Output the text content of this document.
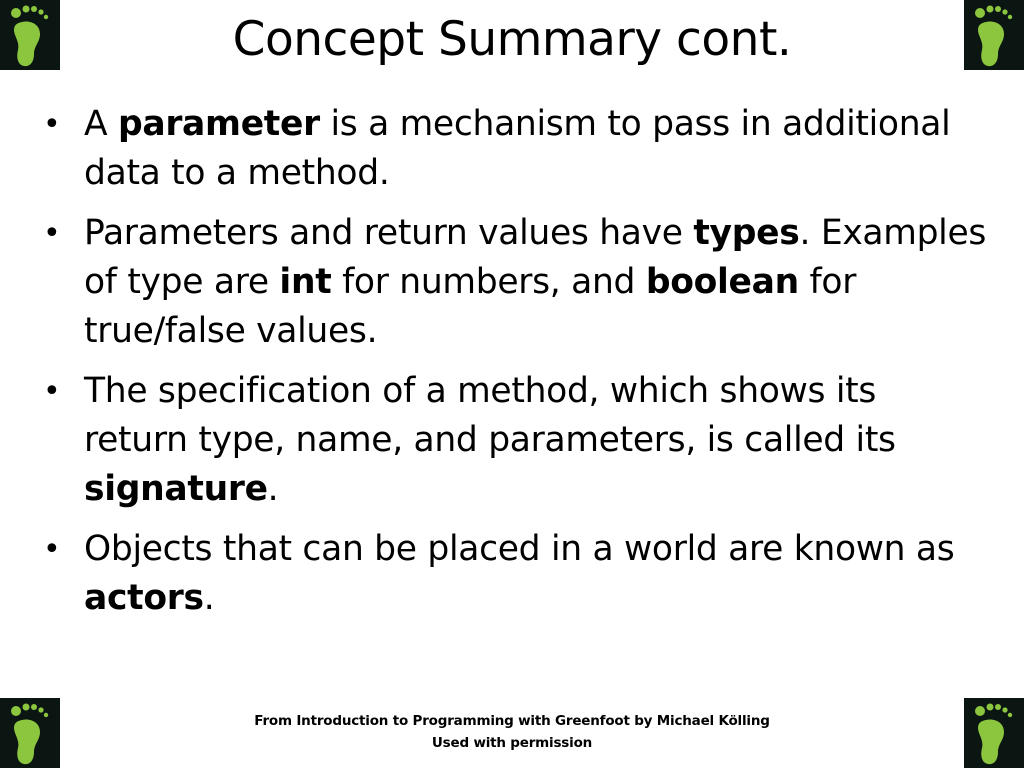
Concept Summary cont.
• A parameter is a mechanism to pass in additional data to a method.
• Parameters and return values have types. Examples of type are int for numbers, and boolean for true/false values.
• The specification of a method, which shows its return type, name, and parameters, is called its signature.
• Objects that can be placed in a world are known as actors.
From Introduction to Programming with Greenfoot by Michael Kölling
Used with permission
